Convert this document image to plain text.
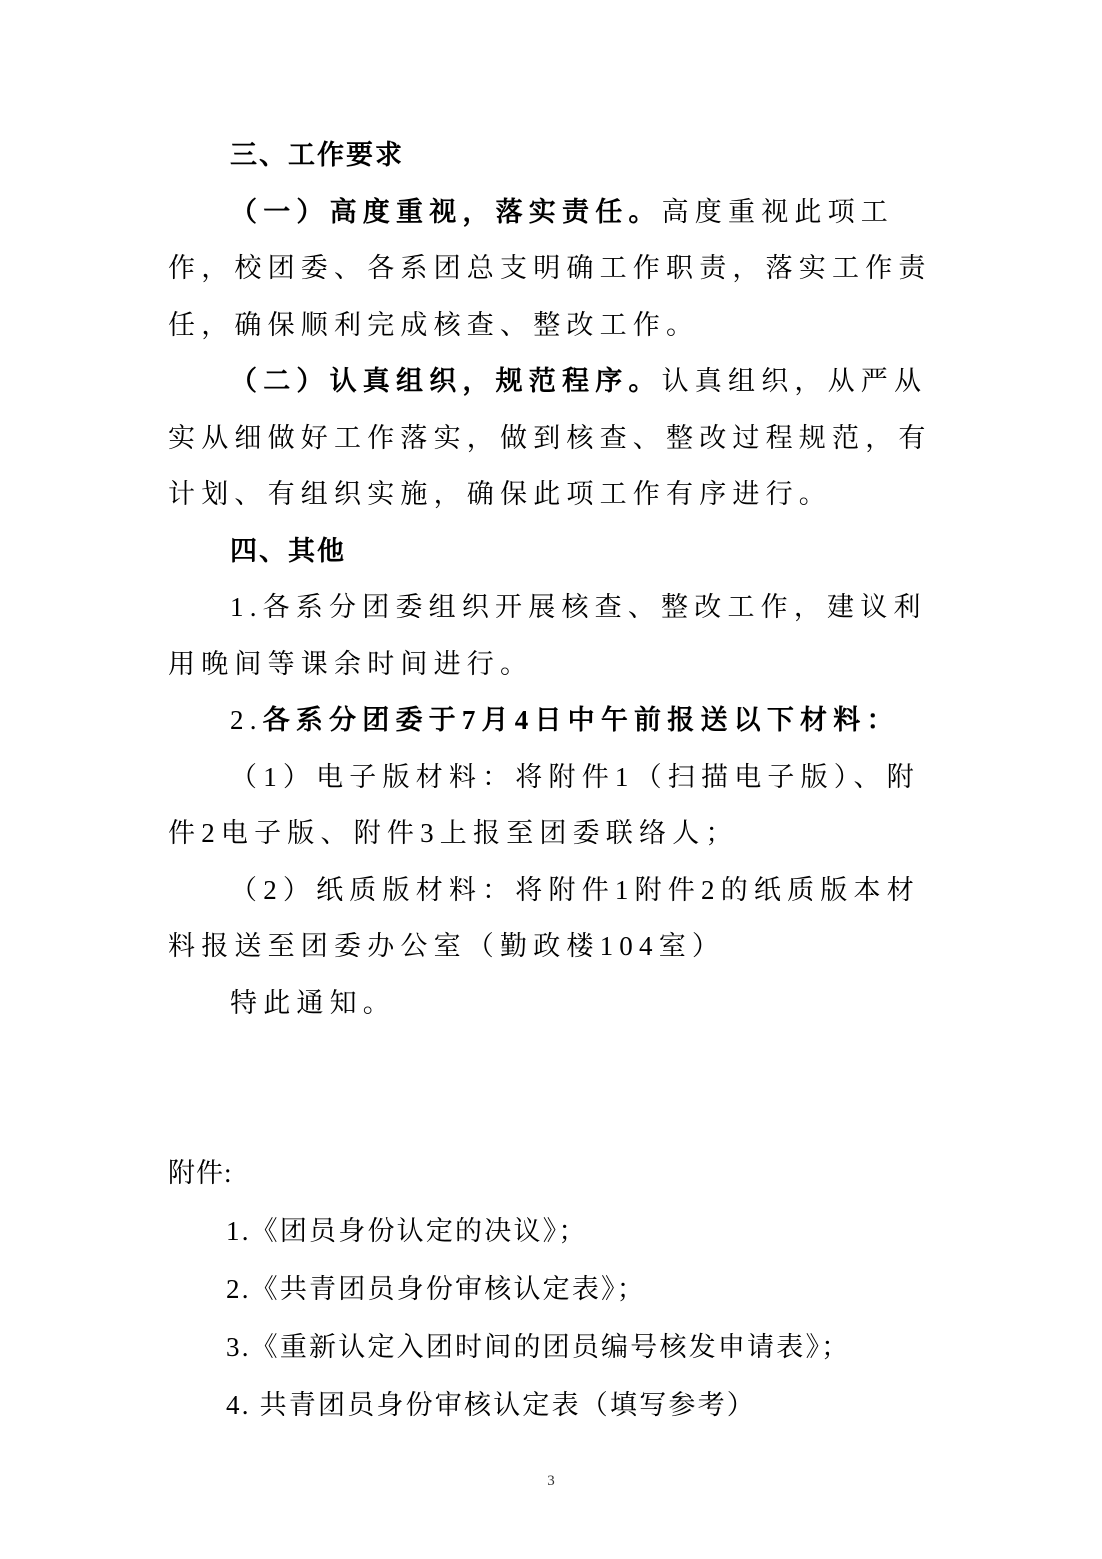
三、工作要求

（一）高度重视，落实责任。高度重视此项工作，校团委、各系团总支明确工作职责，落实工作责任，确保顺利完成核查、整改工作。

（二）认真组织，规范程序。认真组织，从严从实从细做好工作落实，做到核查、整改过程规范，有计划、有组织实施，确保此项工作有序进行。

四、其他

1.各系分团委组织开展核查、整改工作，建议利用晚间等课余时间进行。

2.各系分团委于7月4日中午前报送以下材料：

（1）电子版材料：将附件1（扫描电子版）、附件2电子版、附件3上报至团委联络人；

（2）纸质版材料：将附件1附件2的纸质版本材料报送至团委办公室（勤政楼104室）

特此通知。

附件:

1.《团员身份认定的决议》；

2.《共青团员身份审核认定表》；

3.《重新认定入团时间的团员编号核发申请表》；

4. 共青团员身份审核认定表（填写参考）

3
